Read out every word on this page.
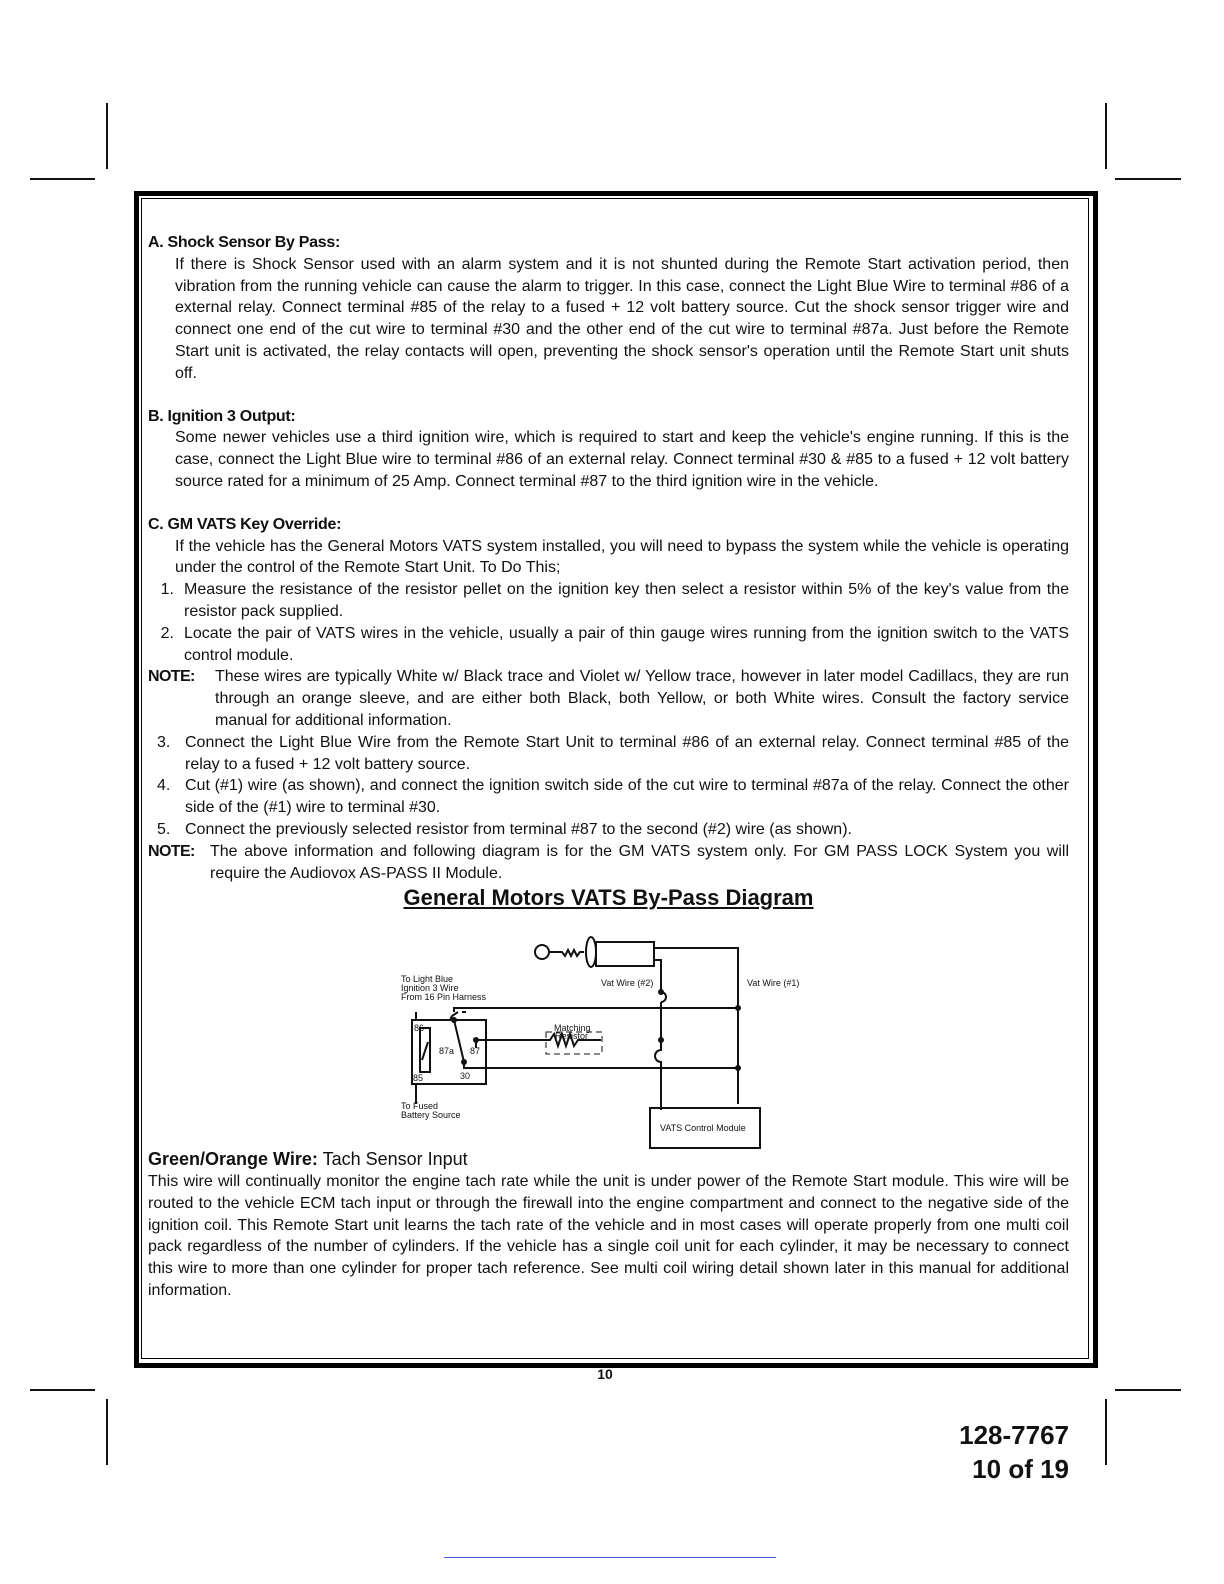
A. Shock Sensor By Pass:
If there is Shock Sensor used with an alarm system and it is not shunted during the Remote Start activation period, then vibration from the running vehicle can cause the alarm to trigger. In this case, connect the Light Blue Wire to terminal #86 of a external relay. Connect terminal #85 of the relay to a fused + 12 volt battery source. Cut the shock sensor trigger wire and connect one end of the cut wire to terminal #30 and the other end of the cut wire to terminal #87a. Just before the Remote Start unit is activated, the relay contacts will open, preventing the shock sensor's operation until the Remote Start unit shuts off.
B. Ignition 3 Output:
Some newer vehicles use a third ignition wire, which is required to start and keep the vehicle's engine running. If this is the case, connect the Light Blue wire to terminal #86 of an external relay. Connect terminal #30 & #85 to a fused + 12 volt battery source rated for a minimum of 25 Amp. Connect terminal #87 to the third ignition wire in the vehicle.
C. GM VATS Key Override:
If the vehicle has the General Motors VATS system installed, you will need to bypass the system while the vehicle is operating under the control of the Remote Start Unit. To Do This;
1. Measure the resistance of the resistor pellet on the ignition key then select a resistor within 5% of the key's value from the resistor pack supplied.
2. Locate the pair of VATS wires in the vehicle, usually a pair of thin gauge wires running from the ignition switch to the VATS control module.
NOTE:	These wires are typically White w/ Black trace and Violet w/ Yellow trace, however in later model Cadillacs, they are run through an orange sleeve, and are either both Black, both Yellow, or both White wires. Consult the factory service manual for additional information.
3. Connect the Light Blue Wire from the Remote Start Unit to terminal #86 of an external relay. Connect terminal #85 of the relay to a fused + 12 volt battery source.
4. Cut (#1) wire (as shown), and connect the ignition switch side of the cut wire to terminal #87a of the relay. Connect the other side of the (#1) wire to terminal #30.
5. Connect the previously selected resistor from terminal #87 to the second (#2) wire (as shown).
NOTE: The above information and following diagram is for the GM VATS system only. For GM PASS LOCK System you will require the Audiovox AS-PASS II Module.
General Motors VATS By-Pass Diagram
Green/Orange Wire: Tach Sensor Input
This wire will continually monitor the engine tach rate while the unit is under power of the Remote Start module. This wire will be routed to the vehicle ECM tach input or through the firewall into the engine compartment and connect to the negative side of the ignition coil. This Remote Start unit learns the tach rate of the vehicle and in most cases will operate properly from one multi coil pack regardless of the number of cylinders. If the vehicle has a single coil unit for each cylinder, it may be necessary to connect this wire to more than one cylinder for proper tach reference. See multi coil wiring detail shown later in this manual for additional information.
To Light Blue
Ignition 3 Wire
From 16 Pin Harness
Vat Wire (#2)	Vat Wire (#1)
Matching
Resistor
86
87a 87
85	30
To Fused
Battery Source
VATS Control Module
10
128-7767
10 of 19
